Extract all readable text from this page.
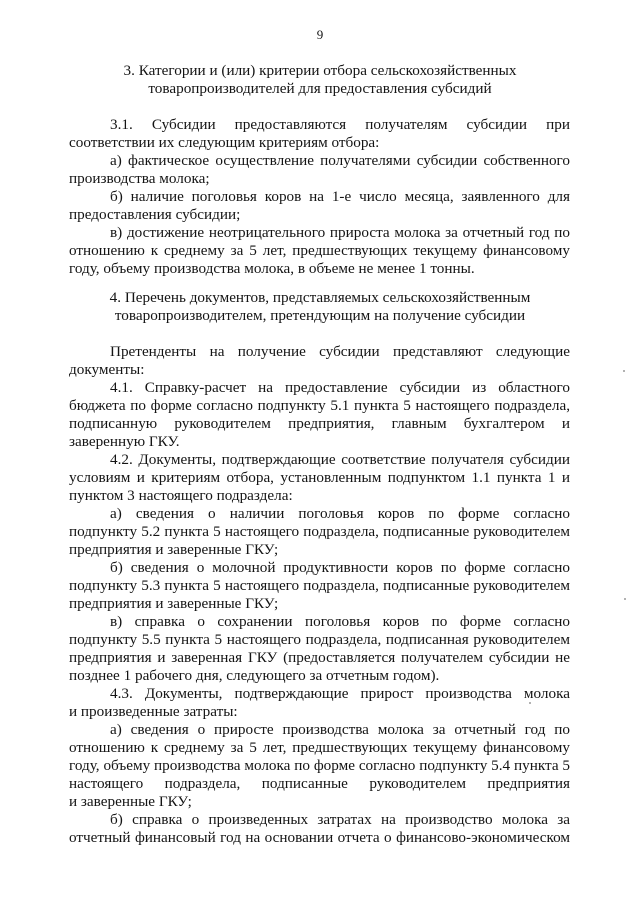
9
3. Категории и (или) критерии отбора сельскохозяйственных
товаропроизводителей для предоставления субсидий
3.1. Субсидии предоставляются получателям субсидии при
соответствии их следующим критериям отбора:
а) фактическое осуществление получателями субсидии собственного
производства молока;
б) наличие поголовья коров на 1-е число месяца, заявленного для
предоставления субсидии;
в) достижение неотрицательного прироста молока за отчетный год по
отношению к среднему за 5 лет, предшествующих текущему финансовому
году, объему производства молока, в объеме не менее 1 тонны.
4. Перечень документов, представляемых сельскохозяйственным
товаропроизводителем, претендующим на получение субсидии
Претенденты на получение субсидии представляют следующие
документы:
4.1. Справку-расчет на предоставление субсидии из областного
бюджета по форме согласно подпункту 5.1 пункта 5 настоящего подраздела,
подписанную руководителем предприятия, главным бухгалтером и
заверенную ГКУ.
4.2. Документы, подтверждающие соответствие получателя субсидии
условиям и критериям отбора, установленным подпунктом 1.1 пункта 1 и
пунктом 3 настоящего подраздела:
а) сведения о наличии поголовья коров по форме согласно
подпункту 5.2 пункта 5 настоящего подраздела, подписанные руководителем
предприятия и заверенные ГКУ;
б) сведения о молочной продуктивности коров по форме согласно
подпункту 5.3 пункта 5 настоящего подраздела, подписанные руководителем
предприятия и заверенные ГКУ;
в) справка о сохранении поголовья коров по форме согласно
подпункту 5.5 пункта 5 настоящего подраздела, подписанная руководителем
предприятия и заверенная ГКУ (предоставляется получателем субсидии не
позднее 1 рабочего дня, следующего за отчетным годом).
4.3. Документы, подтверждающие прирост производства молока
и произведенные затраты:
а) сведения о приросте производства молока за отчетный год по
отношению к среднему за 5 лет, предшествующих текущему финансовому
году, объему производства молока по форме согласно подпункту 5.4 пункта 5
настоящего подраздела, подписанные руководителем предприятия
и заверенные ГКУ;
б) справка о произведенных затратах на производство молока за
отчетный финансовый год на основании отчета о финансово-экономическом
